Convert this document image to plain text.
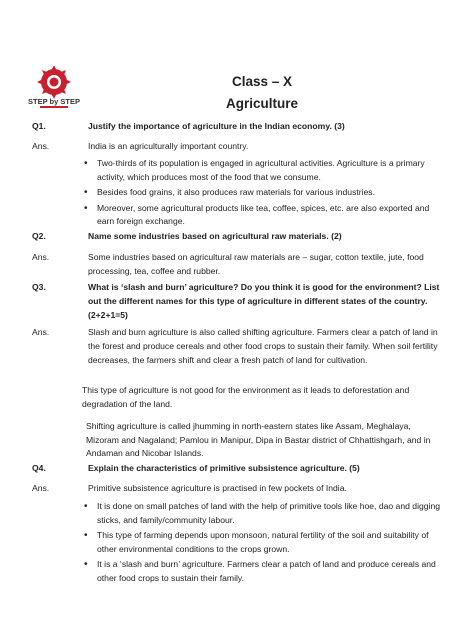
STEP by STEP
Class – X
Agriculture
Q1.	Justify the importance of agriculture in the Indian economy. (3)
Ans.	India is an agriculturally important country.
• Two-thirds of its population is engaged in agricultural activities. Agriculture is a primary activity, which produces most of the food that we consume.
• Besides food grains, it also produces raw materials for various industries.
• Moreover, some agricultural products like tea, coffee, spices, etc. are also exported and earn foreign exchange.
Q2.	Name some industries based on agricultural raw materials. (2)
Ans.	Some industries based on agricultural raw materials are – sugar, cotton textile, jute, food processing, tea, coffee and rubber.
Q3.	What is ‘slash and burn’ agriculture? Do you think it is good for the environment? List out the different names for this type of agriculture in different states of the country. (2+2+1=5)
Ans.	Slash and burn agriculture is also called shifting agriculture. Farmers clear a patch of land in the forest and produce cereals and other food crops to sustain their family. When soil fertility decreases, the farmers shift and clear a fresh patch of land for cultivation.
This type of agriculture is not good for the environment as it leads to deforestation and degradation of the land.
Shifting agriculture is called jhumming in north-eastern states like Assam, Meghalaya, Mizoram and Nagaland; Pamlou in Manipur, Dipa in Bastar district of Chhattishgarh, and in Andaman and Nicobar Islands.
Q4.	Explain the characteristics of primitive subsistence agriculture. (5)
Ans.	Primitive subsistence agriculture is practised in few pockets of India.
• It is done on small patches of land with the help of primitive tools like hoe, dao and digging sticks, and family/community labour.
• This type of farming depends upon monsoon, natural fertility of the soil and suitability of other environmental conditions to the crops grown.
• It is a ‘slash and burn’ agriculture. Farmers clear a patch of land and produce cereals and other food crops to sustain their family.
